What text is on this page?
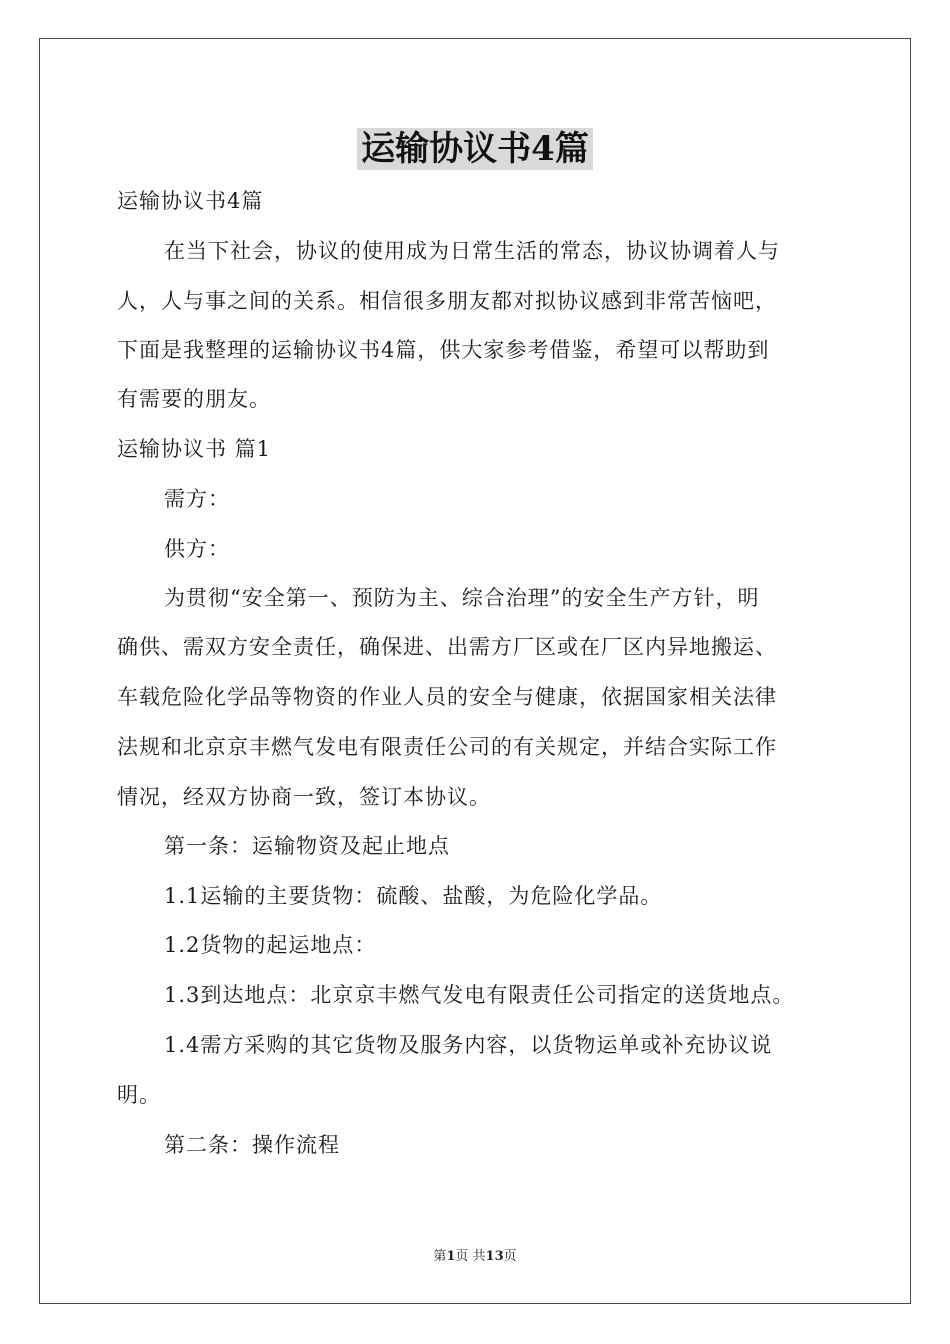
运输协议书4篇
运输协议书4篇
在当下社会，协议的使用成为日常生活的常态，协议协调着人与
人，人与事之间的关系。相信很多朋友都对拟协议感到非常苦恼吧，
下面是我整理的运输协议书4篇，供大家参考借鉴，希望可以帮助到
有需要的朋友。
运输协议书 篇1
需方：
供方：
为贯彻“安全第一、预防为主、综合治理”的安全生产方针，明
确供、需双方安全责任，确保进、出需方厂区或在厂区内异地搬运、
车载危险化学品等物资的作业人员的安全与健康，依据国家相关法律
法规和北京京丰燃气发电有限责任公司的有关规定，并结合实际工作
情况，经双方协商一致，签订本协议。
第一条：运输物资及起止地点
1.1运输的主要货物：硫酸、盐酸，为危险化学品。
1.2货物的起运地点：
1.3到达地点：北京京丰燃气发电有限责任公司指定的送货地点。
1.4需方采购的其它货物及服务内容，以货物运单或补充协议说
明。
第二条：操作流程
第1页 共13页
